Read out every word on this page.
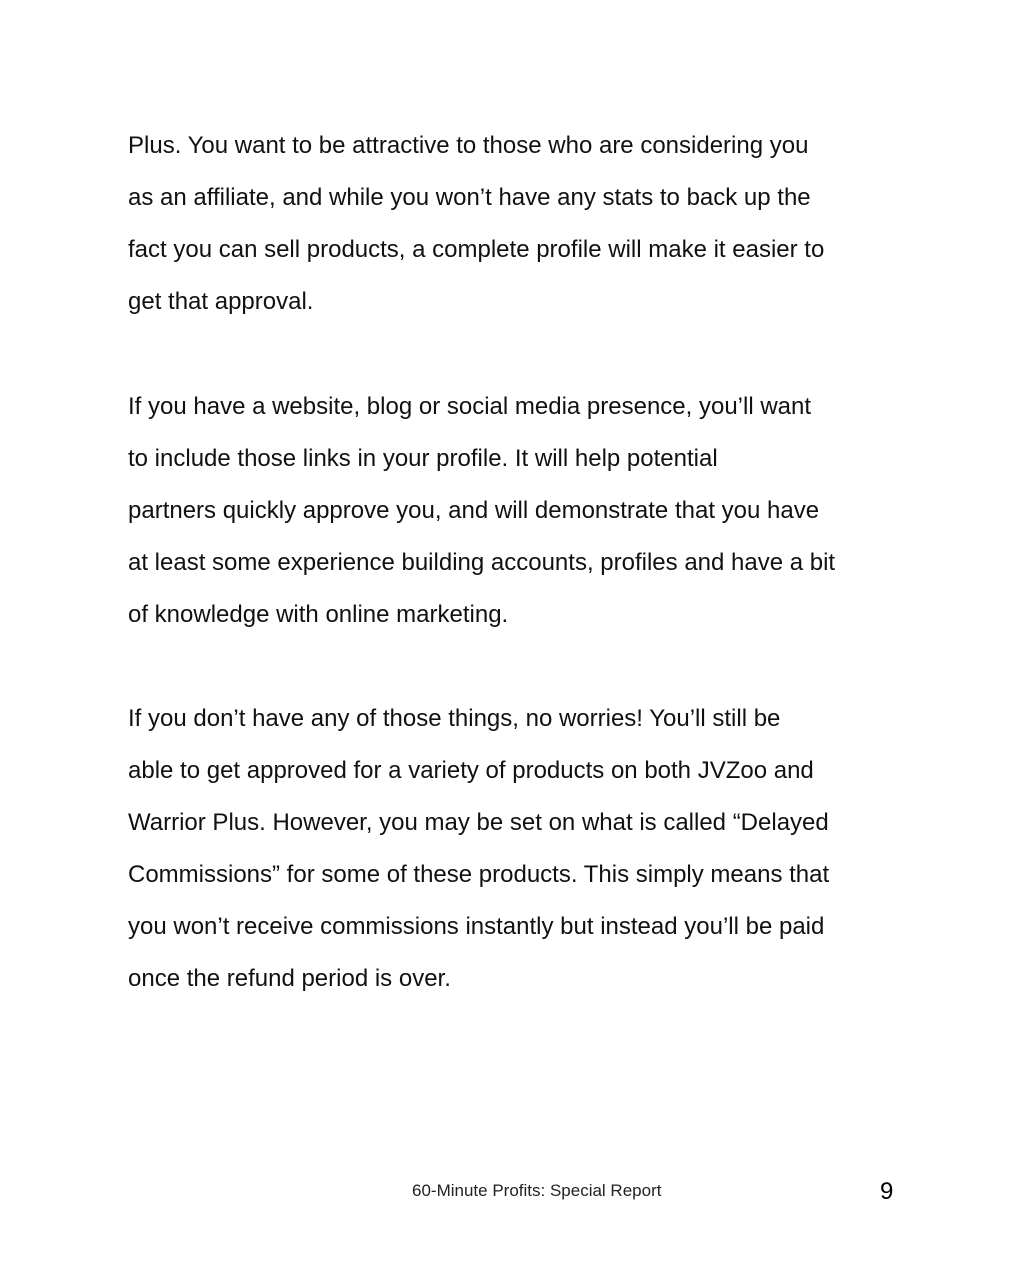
Plus. You want to be attractive to those who are considering you
as an affiliate, and while you won’t have any stats to back up the
fact you can sell products, a complete profile will make it easier to
get that approval.
If you have a website, blog or social media presence, you’ll want
to include those links in your profile. It will help potential
partners quickly approve you, and will demonstrate that you have
at least some experience building accounts, profiles and have a bit
of knowledge with online marketing.
If you don’t have any of those things, no worries! You’ll still be
able to get approved for a variety of products on both JVZoo and
Warrior Plus. However, you may be set on what is called “Delayed
Commissions” for some of these products. This simply means that
you won’t receive commissions instantly but instead you’ll be paid
once the refund period is over.
60-Minute Profits: Special Report	9
